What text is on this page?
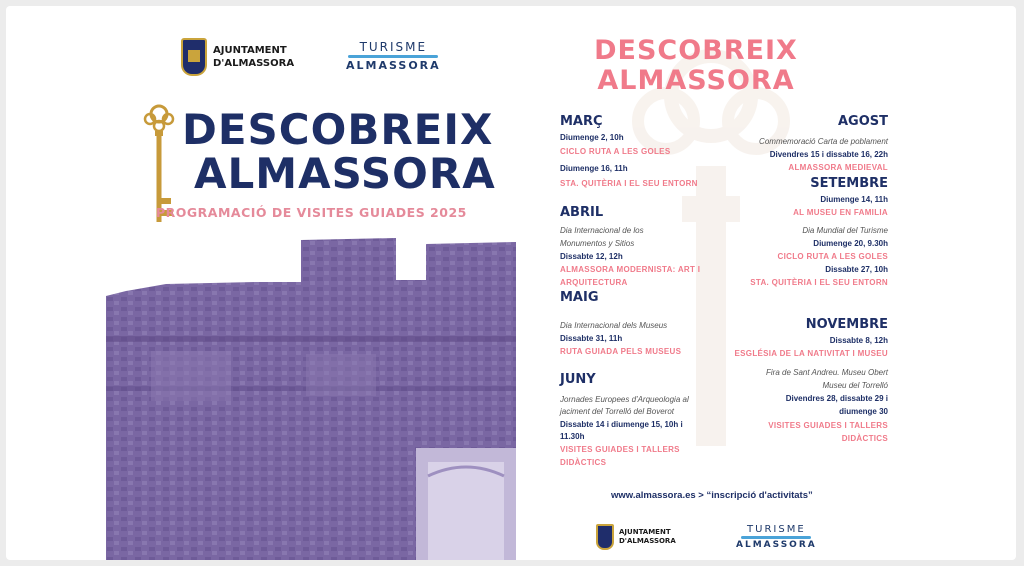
AJUNTAMENT
D'ALMASSORA
TURISME
ALMASSORA
DESCOBREIX
ALMASSORA
PROGRAMACIÓ DE VISITES GUIADES 2025
DESCOBREIX
ALMASSORA
MARÇ
Diumenge 2, 10h
CICLO RUTA A LES GOLES
Diumenge 16, 11h
STA. QUITÈRIA I EL SEU ENTORN
ABRIL
Dia Internacional de los
Monumentos y Sitios
Dissabte 12, 12h
ALMASSORA MODERNISTA: ART I
ARQUITECTURA
MAIG
Dia Internacional dels Museus
Dissabte 31, 11h
RUTA GUIADA PELS MUSEUS
JUNY
Jornades Europees d'Arqueologia al
jaciment del Torrelló del Boverot
Dissabte 14 i diumenge 15, 10h i
11.30h
VISITES GUIADES I TALLERS
DIDÀCTICS
AGOST
Commemoració Carta de poblament
Divendres 15 i dissabte 16, 22h
ALMASSORA MEDIEVAL
SETEMBRE
Diumenge 14, 11h
AL MUSEU EN FAMILIA
Dia Mundial del Turisme
Diumenge 20, 9.30h
CICLO RUTA A LES GOLES
Dissabte 27, 10h
STA. QUITÈRIA I EL SEU ENTORN
NOVEMBRE
Dissabte 8, 12h
ESGLÉSIA DE LA NATIVITAT I MUSEU
Fira de Sant Andreu. Museu Obert
Museu del Torrelló
Divendres 28, dissabte 29 i
diumenge 30
VISITES GUIADES I TALLERS
DIDÀCTICS
www.almassora.es > “inscripció d'activitats”
AJUNTAMENT
D'ALMASSORA
TURISME
ALMASSORA
